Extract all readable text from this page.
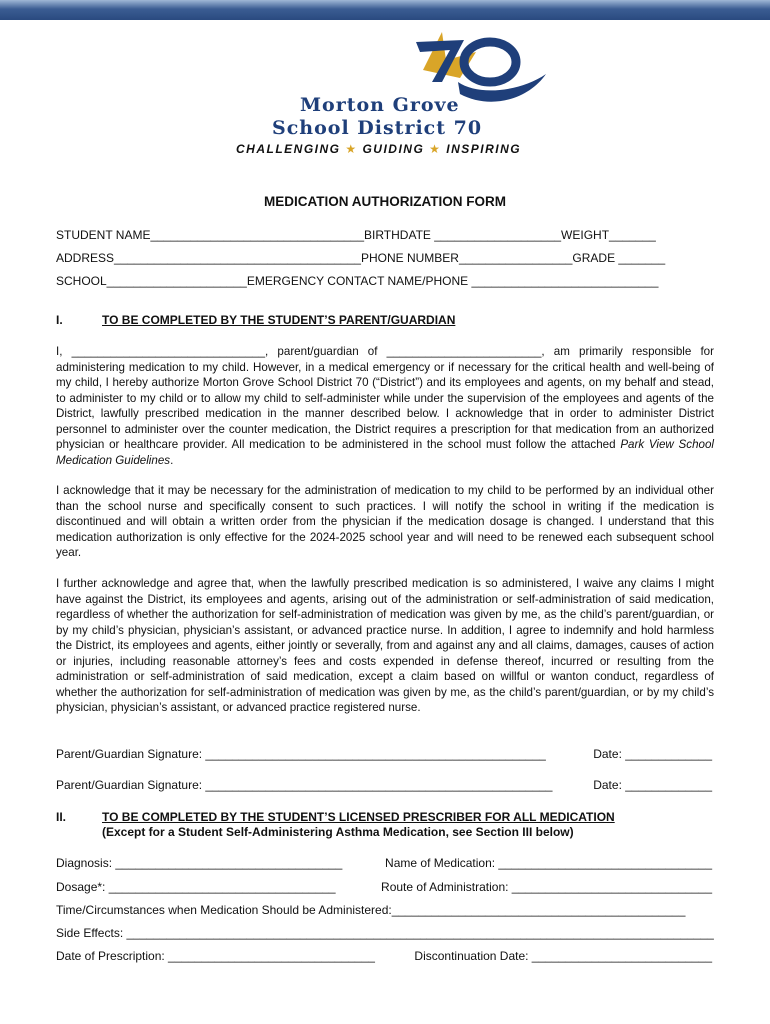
Morton Grove
School District 70
CHALLENGING ★ GUIDING ★ INSPIRING
MEDICATION AUTHORIZATION FORM
STUDENT NAME________________________________BIRTHDATE ___________________WEIGHT_______
ADDRESS_____________________________________PHONE NUMBER_________________GRADE _______
SCHOOL_____________________EMERGENCY CONTACT NAME/PHONE ____________________________
I.	TO BE COMPLETED BY THE STUDENT’S PARENT/GUARDIAN

I, ______________________________, parent/guardian of ________________________, am primarily responsible for administering medication to my child. However, in a medical emergency or if necessary for the critical health and well-being of my child, I hereby authorize Morton Grove School District 70 (“District”) and its employees and agents, on my behalf and stead, to administer to my child or to allow my child to self-administer while under the supervision of the employees and agents of the District, lawfully prescribed medication in the manner described below. I acknowledge that in order to administer District personnel to administer over the counter medication, the District requires a prescription for that medication from an authorized physician or healthcare provider. All medication to be administered in the school must follow the attached Park View School Medication Guidelines.

I acknowledge that it may be necessary for the administration of medication to my child to be performed by an individual other than the school nurse and specifically consent to such practices. I will notify the school in writing if the medication is discontinued and will obtain a written order from the physician if the medication dosage is changed. I understand that this medication authorization is only effective for the 2024-2025 school year and will need to be renewed each subsequent school year.

I further acknowledge and agree that, when the lawfully prescribed medication is so administered, I waive any claims I might have against the District, its employees and agents, arising out of the administration or self-administration of said medication, regardless of whether the authorization for self-administration of medication was given by me, as the child’s parent/guardian, or by my child’s physician, physician’s assistant, or advanced practice nurse. In addition, I agree to indemnify and hold harmless the District, its employees and agents, either jointly or severally, from and against any and all claims, damages, causes of action or injuries, including reasonable attorney’s fees and costs expended in defense thereof, incurred or resulting from the administration or self-administration of said medication, except a claim based on willful or wanton conduct, regardless of whether the authorization for self-administration of medication was given by me, as the child’s parent/guardian, or by my child’s physician, physician’s assistant, or advanced practice registered nurse.

Parent/Guardian Signature: ___________________________________________________	Date: _____________
Parent/Guardian Signature: ____________________________________________________	Date: _____________
II.	TO BE COMPLETED BY THE STUDENT’S LICENSED PRESCRIBER FOR ALL MEDICATION
(Except for a Student Self-Administering Asthma Medication, see Section III below)
Diagnosis: __________________________________	Name of Medication: ________________________________
Dosage*: __________________________________	Route of Administration: ______________________________
Time/Circumstances when Medication Should be Administered:____________________________________________
Side Effects: ________________________________________________________________________________________
Date of Prescription: _______________________________	Discontinuation Date: ___________________________
